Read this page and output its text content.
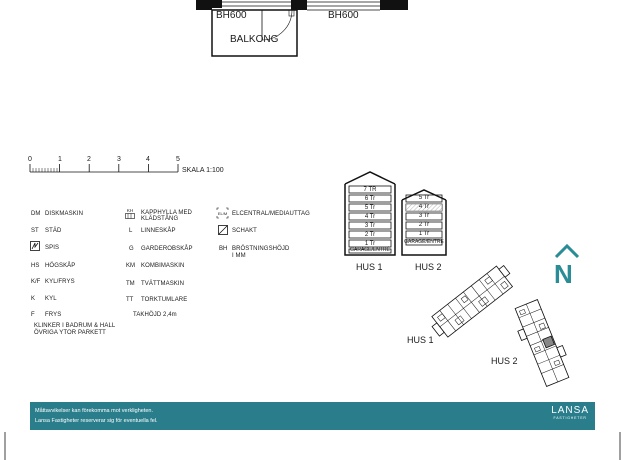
BH600	BH600
BALKONG
0	1	2	3	4	5
SKALA 1:100
DM DISKMASKIN
ST STÄD
SPIS
HS HÖGSKÅP
K/F KYL/FRYS
K KYL
F FRYS
KLINKER I BADRUM & HALL
ÖVRIGA YTOR PARKETT
KH	KAPPHYLLA MED
KLÄDSTÅNG
L LINNESKÅP
G GARDEROBSKÅP
KM KOMBIMASKIN
TM TVÄTTMASKIN
TT TORKTUMLARE
TAKHÖJD 2,4m
EL/M ELCENTRAL/MEDIAUTTAG
SCHAKT
BH BRÖSTNINGSHÖJD
I MM
7 TR
6 Tr
5 Tr
4 Tr
3 Tr
2 Tr
1 Tr
GARAGE/ENTRÉ
HUS 1
5 Tr
4 Tr
3 Tr
2 Tr
1 Tr
GARAGE/ENTRÉ
HUS 2	N
HUS 1
HUS 2
Måttavvikelser kan förekomma mot verkligheten.
Lansa Fastigheter reserverar sig för eventuella fel.
LANSA
FASTIGHETER
